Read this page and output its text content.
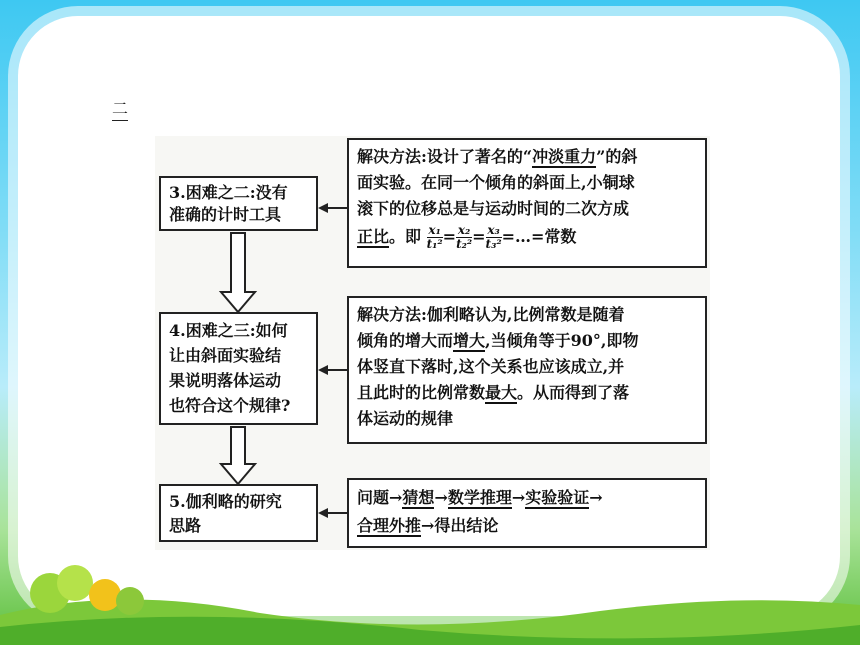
二
3.困难之二:没有
准确的计时工具
4.困难之三:如何
让由斜面实验结
果说明落体运动
也符合这个规律?
5.伽利略的研究
思路
解决方法:设计了著名的“冲淡重力”的斜
面实验。在同一个倾角的斜面上,小铜球
滚下的位移总是与运动时间的二次方成
正比。即 $\frac{\text{x₁}}{\text{t₁²}} = \frac{\text{x₂}}{\text{t₂²}} = \frac{\text{x₃}}{\text{t₃²}}$ =…=常数
解决方法:伽利略认为,比例常数是随着
倾角的增大而增大,当倾角等于90°,即物
体竖直下落时,这个关系也应该成立,并
且此时的比例常数最大。从而得到了落
体运动的规律
问题→猜想→数学推理→实验验证→
合理外推→得出结论
